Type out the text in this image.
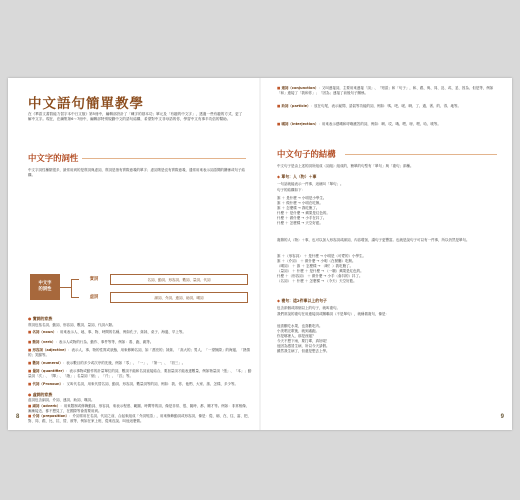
中文語句簡單教學
在《華語文書寫能力習字本中日文版》第5冊中，編輯部設計了「練字的基本功」單元及「有趣的中文字」，透過一些有趣的方式，更了解中文字。現在，在續集第6～7冊中，編輯部特別規劃中文的語句結構，希望對中文非母語的你，學習中文有事半功倍的幫助。
中文字的詞性
中文字詞性種類很多，最常用到的是實詞與虛詞，實詞是指有實際意義的單字；虛詞則是沒有實際意義，通常用來表示詞語間的關係或句子結構。
中文字
的詞性
實詞
虛詞
名詞、動詞、形容詞、數詞、量詞、代詞
副詞、介詞、連詞、助詞、嘆詞
● 實詞的家族
實詞包括名詞、動詞、形容詞、數詞、量詞、代詞六類。
■ 名詞（noun）：用來表示人、地、事、物、時間的名稱，例如孔子、妹妹、桌子、海邊、早上等。
■ 動詞（verb）：表示人或物的行為、動作、事件等等，例如：看、跑、跳等。
■ 形容詞（adjective）：表示人、事、物的性質或狀態，用來修飾名詞，如「漂亮的」妹妹、「高大的」男人、「一望無際」的海邊、「熱情的」笑臉等。
■ 數詞（numeral）：表示數目的多少或次序的先後，例如「零」、「一」、「第一」、「初三」。
■ 量詞（quantifier）：表示事物或動作的計量單位的詞，數詞不能和名詞直接結合，要加量詞才能表達數量，例如物量詞「張」、「本」；動量詞「次」、「陣」、「趟」；名量詞「個」、「斤」、「匹」等。
■ 代詞（Pronoun）：又叫代名詞，用來代替名詞、動詞、形容詞、數量詞等的詞，例如：我、你、他們、大家、誰、怎樣、多少等。
● 虛詞的家族
虛詞包含副詞、介詞、連詞、助詞、嘆詞。
■ 副詞（adverb）：用來限制或修飾動詞、形容詞，來表示程度、範圍、時間等的詞，像是非常、很、隨時、都、剛才等。例如：非常相像、漸漸接近、都不想見了，在國際等會需要用到。
■ 介詞（preposition）：介詞常用在名詞、代詞之前，合起來組成「介詞短語」，用來修飾動詞或形容詞，像是：從、朝、在、往、當、把、對、同、跟、比、拉、替，被等，例如在家上班、從來沒說、叫他這麼做。
8
■ 連詞（conjunction）：又叫連接詞，主要用來連接「詞」、「短語」和「句子」，和、跟、與、同、及、或、並、因為、但是等，例如「和」連接了「我和你」；「因為」連接了前後句子關係。
■ 助詞（particle）：放在句尾，表示疑問、語氣等功能的詞，例如：嗎、吧、呢、啊、了、過、著、的、得、地等。
■ 嘆詞（interjection）：用來表示感嘆和呼喚應答的詞，例如：啊、哎、哦、喂、呀、嗯、哈、唉等。
中文句子的結構
中文句子是由上述的詞所組成（詞組）組成的，簡單的句型有「單句」與「複句」兩種。
◆ 單句：人（物）＋事
一句話就能表示一件事，這就叫「單句」。
句子的結構如下：
誰 ＋ 是什麼 → 小明是小學生。
誰 ＋ 做什麼 → 小明在吃飯。
誰 ＋ 怎麼樣 → 我吃飽了。
什麼 ＋ 是什麼 → 蘋果是紅色的。
什麼 ＋ 做什麼 → 小手在抖了。
什麼 ＋ 怎麼樣 → 天空好藍。
複雜的人（物）＋事，也可以加入形容詞或副詞，內容增加，讓句子更豐富。也就是說句子可以有一件事，所以仍然是單句。
誰 ＋（形容詞） ＋ 是什麼 → 小明是（可愛的）小學生。
誰 ＋（介詞） ＋ 做什麼 → 小明（在餐廳）吃飯。
（嘆詞） ＋ 誰 ＋ 怎麼樣 → （啊！）我吃飽了。
（量詞） ＋ 什麼 ＋ 是什麼 → （一顆）蘋果是紅色的。
什麼 ＋（形容詞） ＋ 做什麼 → 小手（會抖的）抖了。
（名詞） ＋ 什麼 ＋ 怎麼樣 → （今天）天空好藍。
◆ 複句：這2件事以上的句子
包含兩個或兩個以上的句子，就叫複句。
我們常說的複句在用連接詞或關聯詞（不是單句），就稱做複句，像是：
他喜歡吃水果，也喜歡吃肉。
小美唱完歌後，就到處跑。
你是哪裡人，那是西邊？
今天不想下雨，要打傘，真好啦！
他因為感冒生病，所以今天請假。
雖然我生病了，但還是想去上學。
9
